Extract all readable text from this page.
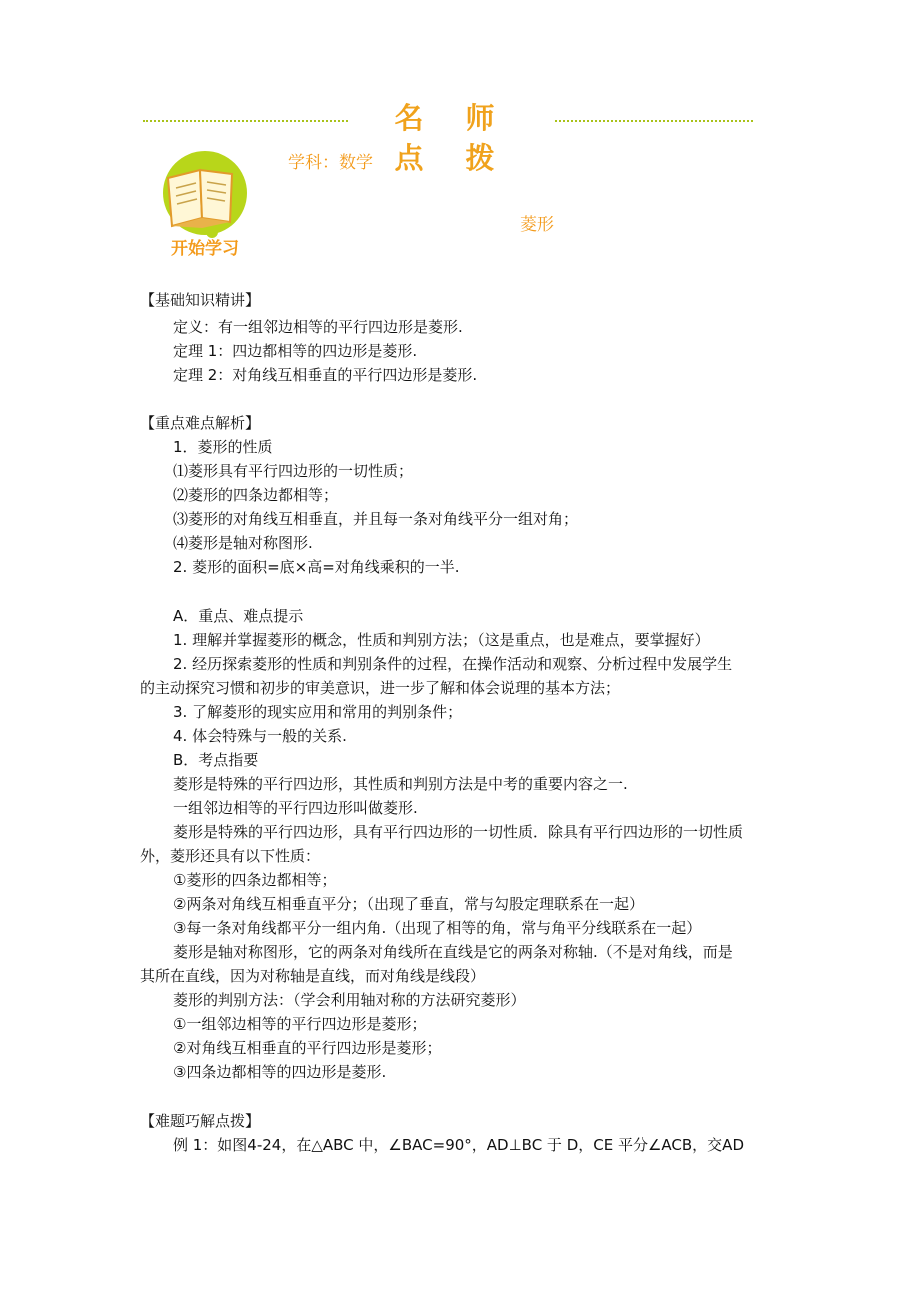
名 师 点 拨
开始学习
学科：数学
菱形
【基础知识精讲】
定义：有一组邻边相等的平行四边形是菱形.
定理 1：四边都相等的四边形是菱形.
定理 2：对角线互相垂直的平行四边形是菱形.
【重点难点解析】
1．菱形的性质
⑴菱形具有平行四边形的一切性质；
⑵菱形的四条边都相等；
⑶菱形的对角线互相垂直，并且每一条对角线平分一组对角；
⑷菱形是轴对称图形.
2. 菱形的面积=底×高=对角线乘积的一半.
A．重点、难点提示
1. 理解并掌握菱形的概念，性质和判别方法；（这是重点，也是难点，要掌握好）
2. 经历探索菱形的性质和判别条件的过程，在操作活动和观察、分析过程中发展学生
的主动探究习惯和初步的审美意识，进一步了解和体会说理的基本方法；
3. 了解菱形的现实应用和常用的判别条件；
4. 体会特殊与一般的关系.
B．考点指要
菱形是特殊的平行四边形，其性质和判别方法是中考的重要内容之一.
一组邻边相等的平行四边形叫做菱形.
菱形是特殊的平行四边形，具有平行四边形的一切性质．除具有平行四边形的一切性质
外，菱形还具有以下性质：
①菱形的四条边都相等；
②两条对角线互相垂直平分；（出现了垂直，常与勾股定理联系在一起）
③每一条对角线都平分一组内角.（出现了相等的角，常与角平分线联系在一起）
菱形是轴对称图形，它的两条对角线所在直线是它的两条对称轴.（不是对角线，而是
其所在直线，因为对称轴是直线，而对角线是线段）
菱形的判别方法：（学会利用轴对称的方法研究菱形）
①一组邻边相等的平行四边形是菱形；
②对角线互相垂直的平行四边形是菱形；
③四条边都相等的四边形是菱形.
【难题巧解点拨】
例 1：如图4-24，在△ABC 中，∠BAC=90°，AD⊥BC 于 D，CE 平分∠ACB，交AD
